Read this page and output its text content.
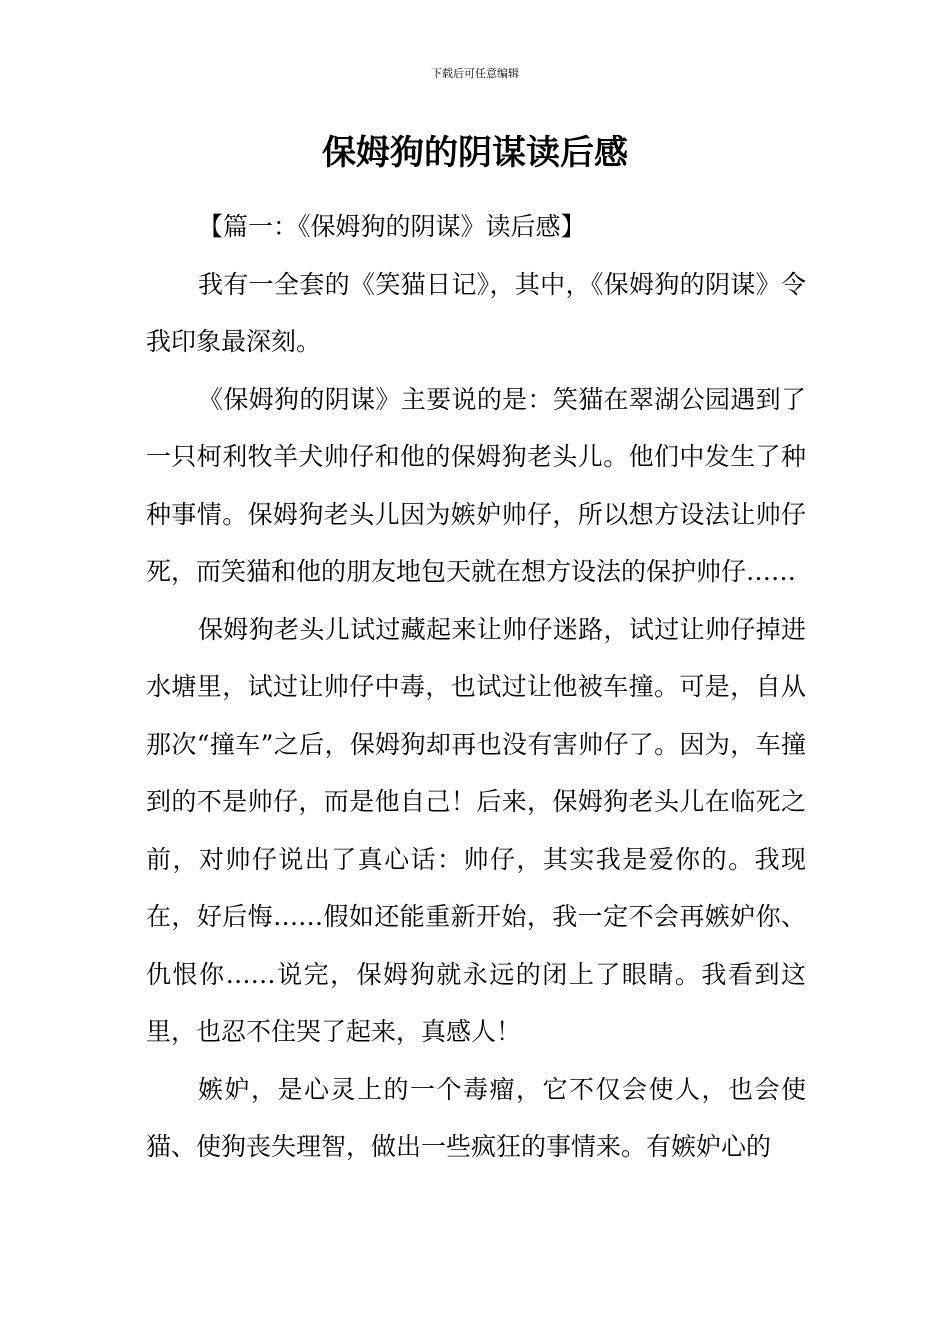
下载后可任意编辑
保姆狗的阴谋读后感

【篇一：《保姆狗的阴谋》读后感】

我有一全套的《笑猫日记》，其中，《保姆狗的阴谋》令我印象最深刻。

《保姆狗的阴谋》主要说的是：笑猫在翠湖公园遇到了一只柯利牧羊犬帅仔和他的保姆狗老头儿。他们中发生了种种事情。保姆狗老头儿因为嫉妒帅仔，所以想方设法让帅仔死，而笑猫和他的朋友地包天就在想方设法的保护帅仔……

保姆狗老头儿试过藏起来让帅仔迷路，试过让帅仔掉进水塘里，试过让帅仔中毒，也试过让他被车撞。可是，自从那次“撞车”之后，保姆狗却再也没有害帅仔了。因为，车撞到的不是帅仔，而是他自己！后来，保姆狗老头儿在临死之前，对帅仔说出了真心话：帅仔，其实我是爱你的。我现在，好后悔……假如还能重新开始，我一定不会再嫉妒你、仇恨你……说完，保姆狗就永远的闭上了眼睛。我看到这里，也忍不住哭了起来，真感人！

嫉妒，是心灵上的一个毒瘤，它不仅会使人，也会使猫、使狗丧失理智，做出一些疯狂的事情来。有嫉妒心的
